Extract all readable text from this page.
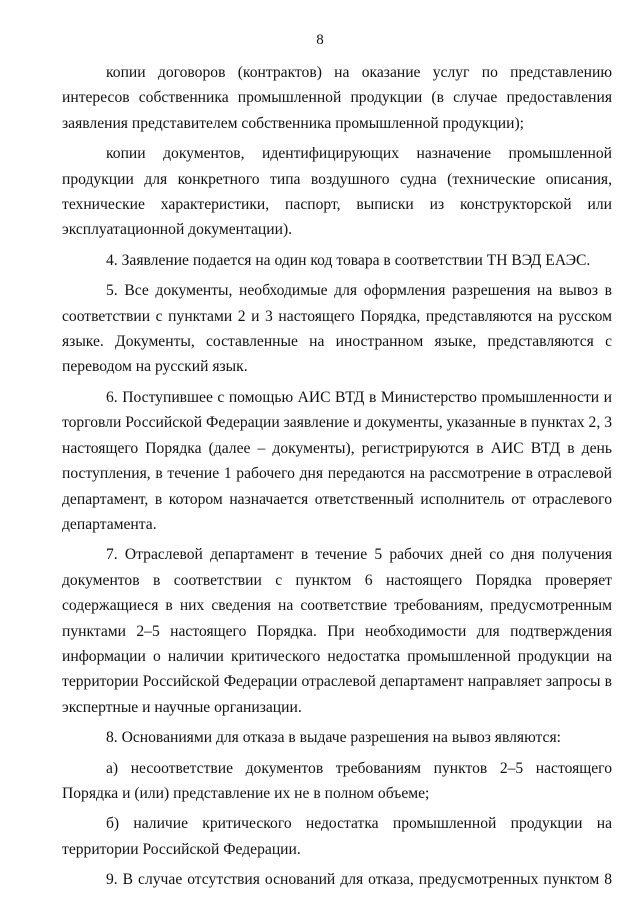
8

копии договоров (контрактов) на оказание услуг по представлению интересов собственника промышленной продукции (в случае предоставления заявления представителем собственника промышленной продукции);

копии документов, идентифицирующих назначение промышленной продукции для конкретного типа воздушного судна (технические описания, технические характеристики, паспорт, выписки из конструкторской или эксплуатационной документации).

4. Заявление подается на один код товара в соответствии ТН ВЭД ЕАЭС.

5. Все документы, необходимые для оформления разрешения на вывоз в соответствии с пунктами 2 и 3 настоящего Порядка, представляются на русском языке. Документы, составленные на иностранном языке, представляются с переводом на русский язык.

6. Поступившее с помощью АИС ВТД в Министерство промышленности и торговли Российской Федерации заявление и документы, указанные в пунктах 2, 3 настоящего Порядка (далее – документы), регистрируются в АИС ВТД в день поступления, в течение 1 рабочего дня передаются на рассмотрение в отраслевой департамент, в котором назначается ответственный исполнитель от отраслевого департамента.

7. Отраслевой департамент в течение 5 рабочих дней со дня получения документов в соответствии с пунктом 6 настоящего Порядка проверяет содержащиеся в них сведения на соответствие требованиям, предусмотренным пунктами 2–5 настоящего Порядка. При необходимости для подтверждения информации о наличии критического недостатка промышленной продукции на территории Российской Федерации отраслевой департамент направляет запросы в экспертные и научные организации.

8. Основаниями для отказа в выдаче разрешения на вывоз являются:

а) несоответствие документов требованиям пунктов 2–5 настоящего Порядка и (или) представление их не в полном объеме;

б) наличие критического недостатка промышленной продукции на территории Российской Федерации.

9. В случае отсутствия оснований для отказа, предусмотренных пунктом 8
